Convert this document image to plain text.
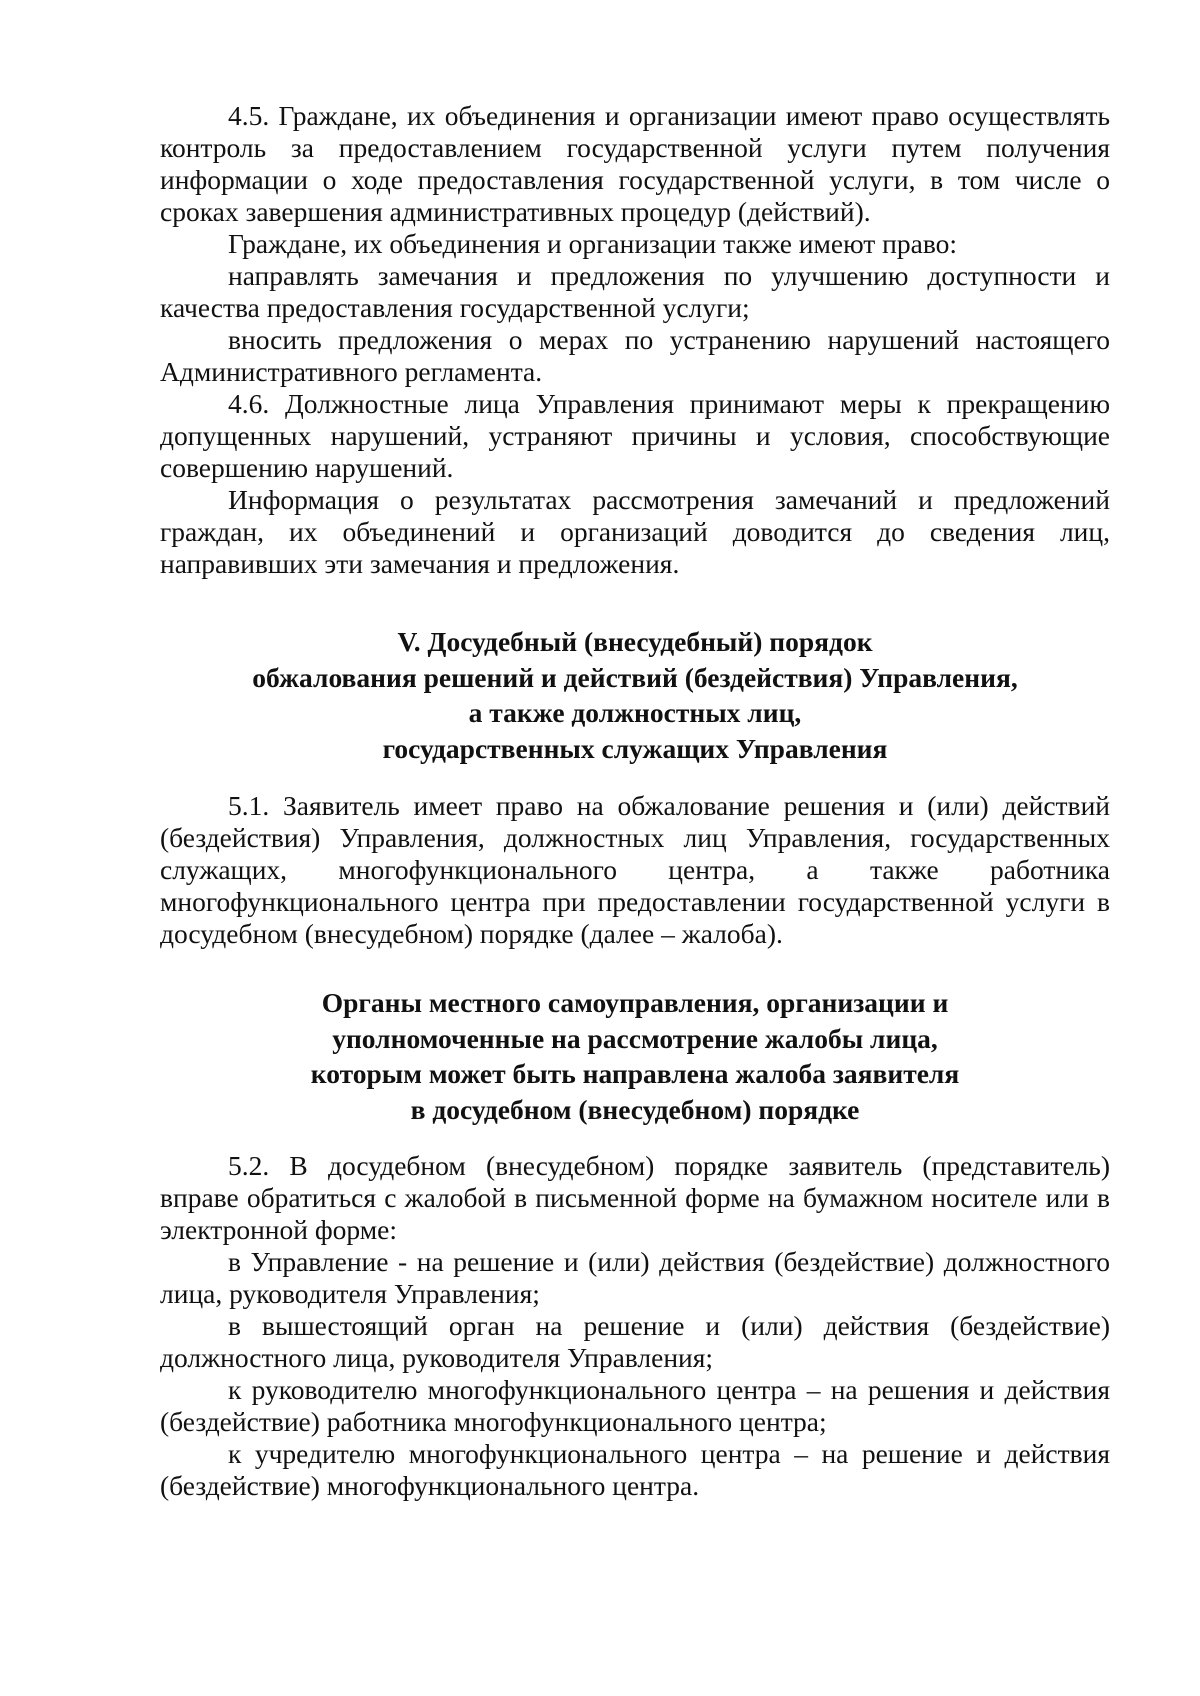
4.5. Граждане, их объединения и организации имеют право осуществлять контроль за предоставлением государственной услуги путем получения информации о ходе предоставления государственной услуги, в том числе о сроках завершения административных процедур (действий).

Граждане, их объединения и организации также имеют право:

направлять замечания и предложения по улучшению доступности и качества предоставления государственной услуги;

вносить предложения о мерах по устранению нарушений настоящего Административного регламента.

4.6. Должностные лица Управления принимают меры к прекращению допущенных нарушений, устраняют причины и условия, способствующие совершению нарушений.

Информация о результатах рассмотрения замечаний и предложений граждан, их объединений и организаций доводится до сведения лиц, направивших эти замечания и предложения.

V. Досудебный (внесудебный) порядок
обжалования решений и действий (бездействия) Управления,
а также должностных лиц,
государственных служащих Управления

5.1. Заявитель имеет право на обжалование решения и (или) действий (бездействия) Управления, должностных лиц Управления, государственных служащих, многофункционального центра, а также работника многофункционального центра при предоставлении государственной услуги в досудебном (внесудебном) порядке (далее – жалоба).

Органы местного самоуправления, организации и
уполномоченные на рассмотрение жалобы лица,
которым может быть направлена жалоба заявителя
в досудебном (внесудебном) порядке

5.2. В досудебном (внесудебном) порядке заявитель (представитель) вправе обратиться с жалобой в письменной форме на бумажном носителе или в электронной форме:

в Управление - на решение и (или) действия (бездействие) должностного лица, руководителя Управления;

в вышестоящий орган на решение и (или) действия (бездействие) должностного лица, руководителя Управления;

к руководителю многофункционального центра – на решения и действия (бездействие) работника многофункционального центра;

к учредителю многофункционального центра – на решение и действия (бездействие) многофункционального центра.
